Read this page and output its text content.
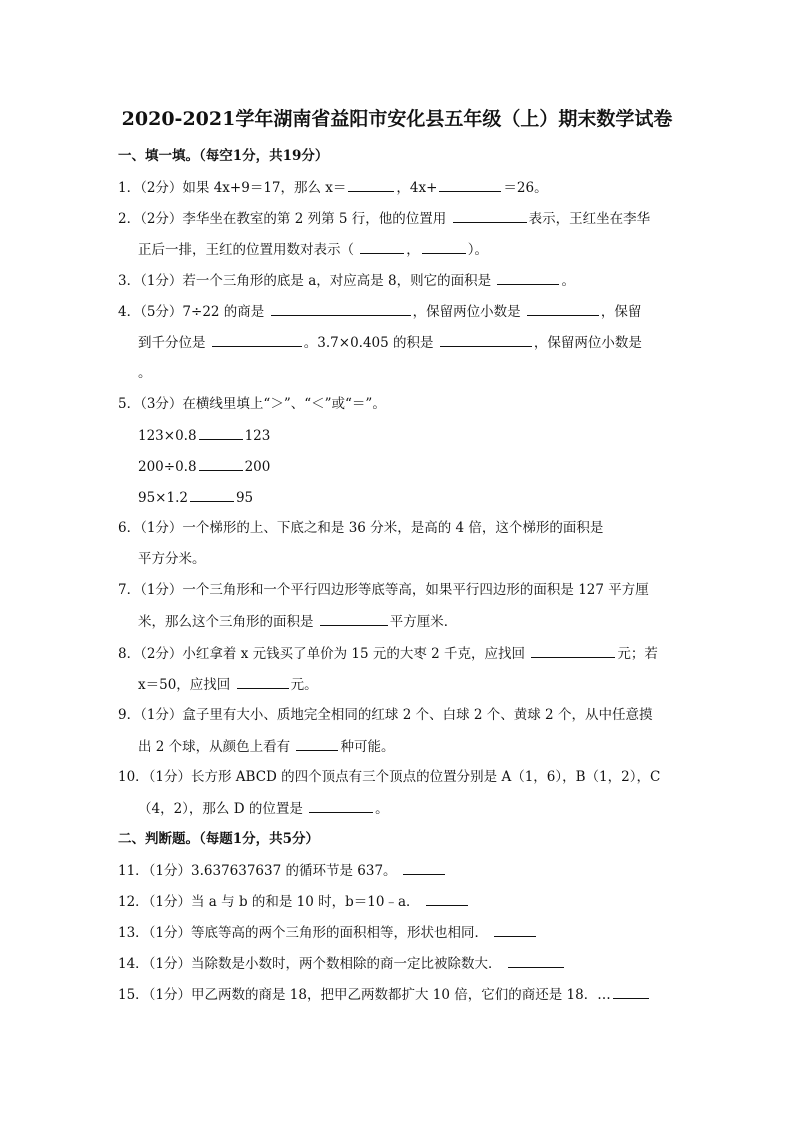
2020-2021学年湖南省益阳市安化县五年级（上）期末数学试卷
一、填一填。（每空1分，共19分）
1．（2分）如果 4x+9＝17，那么 x＝	，4x+	＝26。
2．（2分）李华坐在教室的第 2 列第 5 行，他的位置用	表示，王红坐在李华
正后一排，王红的位置用数对表示（	，	）。
3．（1分）若一个三角形的底是 a，对应高是 8，则它的面积是	。
4．（5分）7÷22 的商是	，保留两位小数是	，保留
到千分位是	。3.7×0.405 的积是	，保留两位小数是
。
5．（3分）在横线里填上“＞”、“＜”或“＝”。
123×0.8	123
200÷0.8	200
95×1.2	95
6．（1分）一个梯形的上、下底之和是 36 分米，是高的 4 倍，这个梯形的面积是
平方分米。
7．（1分）一个三角形和一个平行四边形等底等高，如果平行四边形的面积是 127 平方厘
米，那么这个三角形的面积是	平方厘米．
8．（2分）小红拿着 x 元钱买了单价为 15 元的大枣 2 千克，应找回	元；若
x＝50，应找回	元。
9．（1分）盒子里有大小、质地完全相同的红球 2 个、白球 2 个、黄球 2 个，从中任意摸
出 2 个球，从颜色上看有	种可能。
10．（1分）长方形 ABCD 的四个顶点有三个顶点的位置分别是 A（1，6），B（1，2），C
（4，2），那么 D 的位置是	。
二、判断题。（每题1分，共5分）
11．（1分）3.637637637 的循环节是 637。
12．（1分）当 a 与 b 的和是 10 时，b＝10﹣a．
13．（1分）等底等高的两个三角形的面积相等，形状也相同．
14．（1分）当除数是小数时，两个数相除的商一定比被除数大．
15．（1分）甲乙两数的商是 18，把甲乙两数都扩大 10 倍，它们的商还是 18．…
